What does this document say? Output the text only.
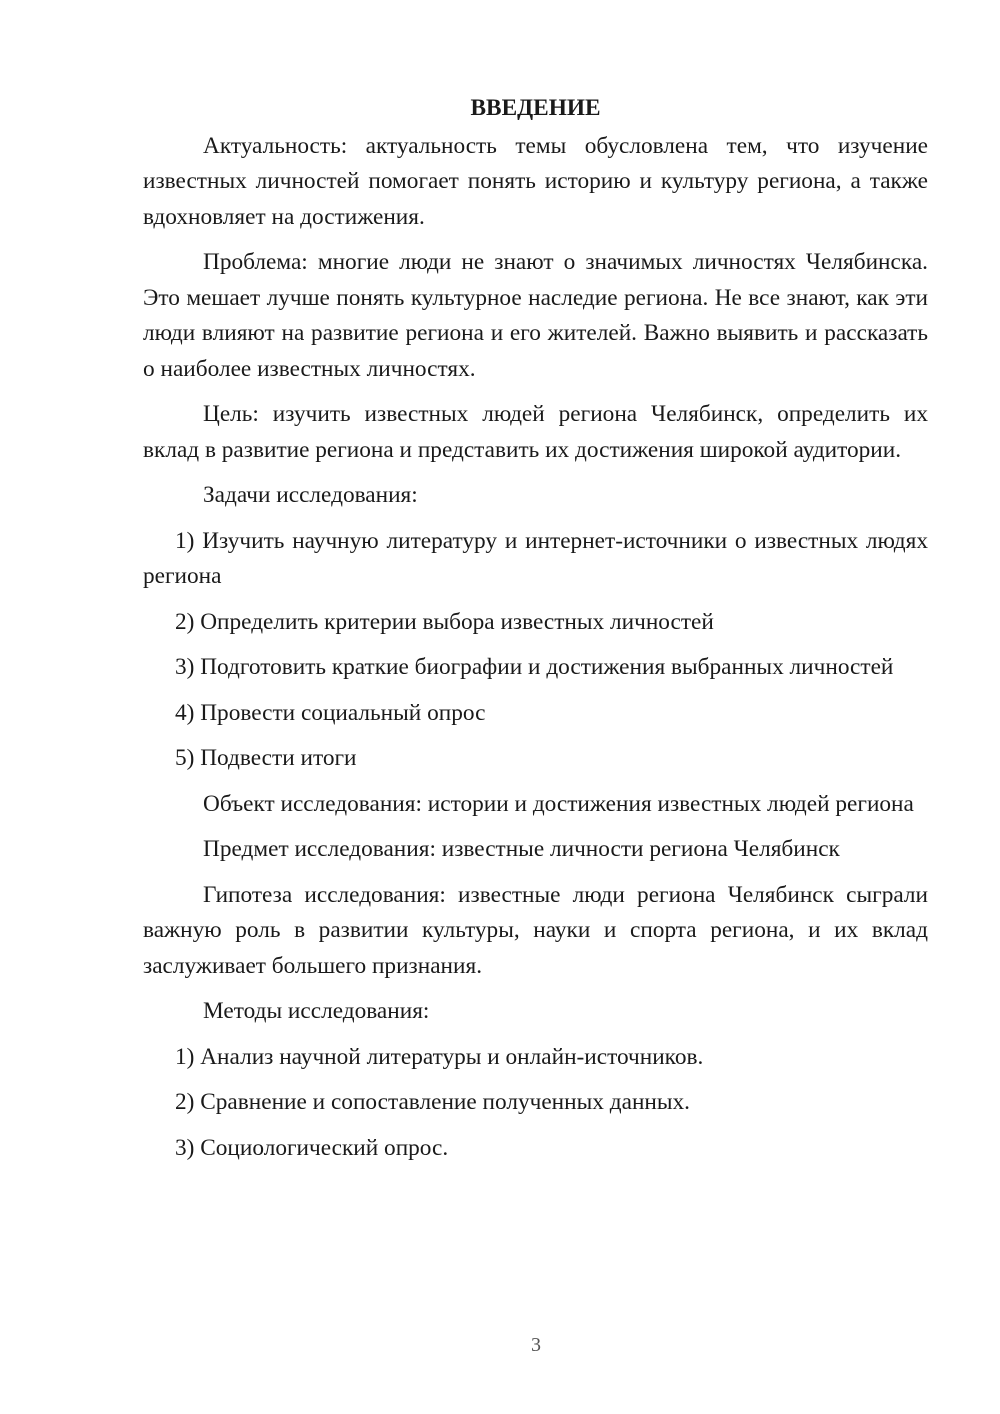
ВВЕДЕНИЕ

Актуальность: актуальность темы обусловлена тем, что изучение известных личностей помогает понять историю и культуру региона, а также вдохновляет на достижения.

Проблема: многие люди не знают о значимых личностях Челябинска. Это мешает лучше понять культурное наследие региона. Не все знают, как эти люди влияют на развитие региона и его жителей. Важно выявить и рассказать о наиболее известных личностях.

Цель: изучить известных людей региона Челябинск, определить их вклад в развитие региона и представить их достижения широкой аудитории.

Задачи исследования:

1) Изучить научную литературу и интернет-источники о известных людях региона

2) Определить критерии выбора известных личностей

3) Подготовить краткие биографии и достижения выбранных личностей

4) Провести социальный опрос

5) Подвести итоги

Объект исследования: истории и достижения известных людей региона

Предмет исследования: известные личности региона Челябинск

Гипотеза исследования: известные люди региона Челябинск сыграли важную роль в развитии культуры, науки и спорта региона, и их вклад заслуживает большего признания.

Методы исследования:

1) Анализ научной литературы и онлайн-источников.

2) Сравнение и сопоставление полученных данных.

3) Социологический опрос.

3
